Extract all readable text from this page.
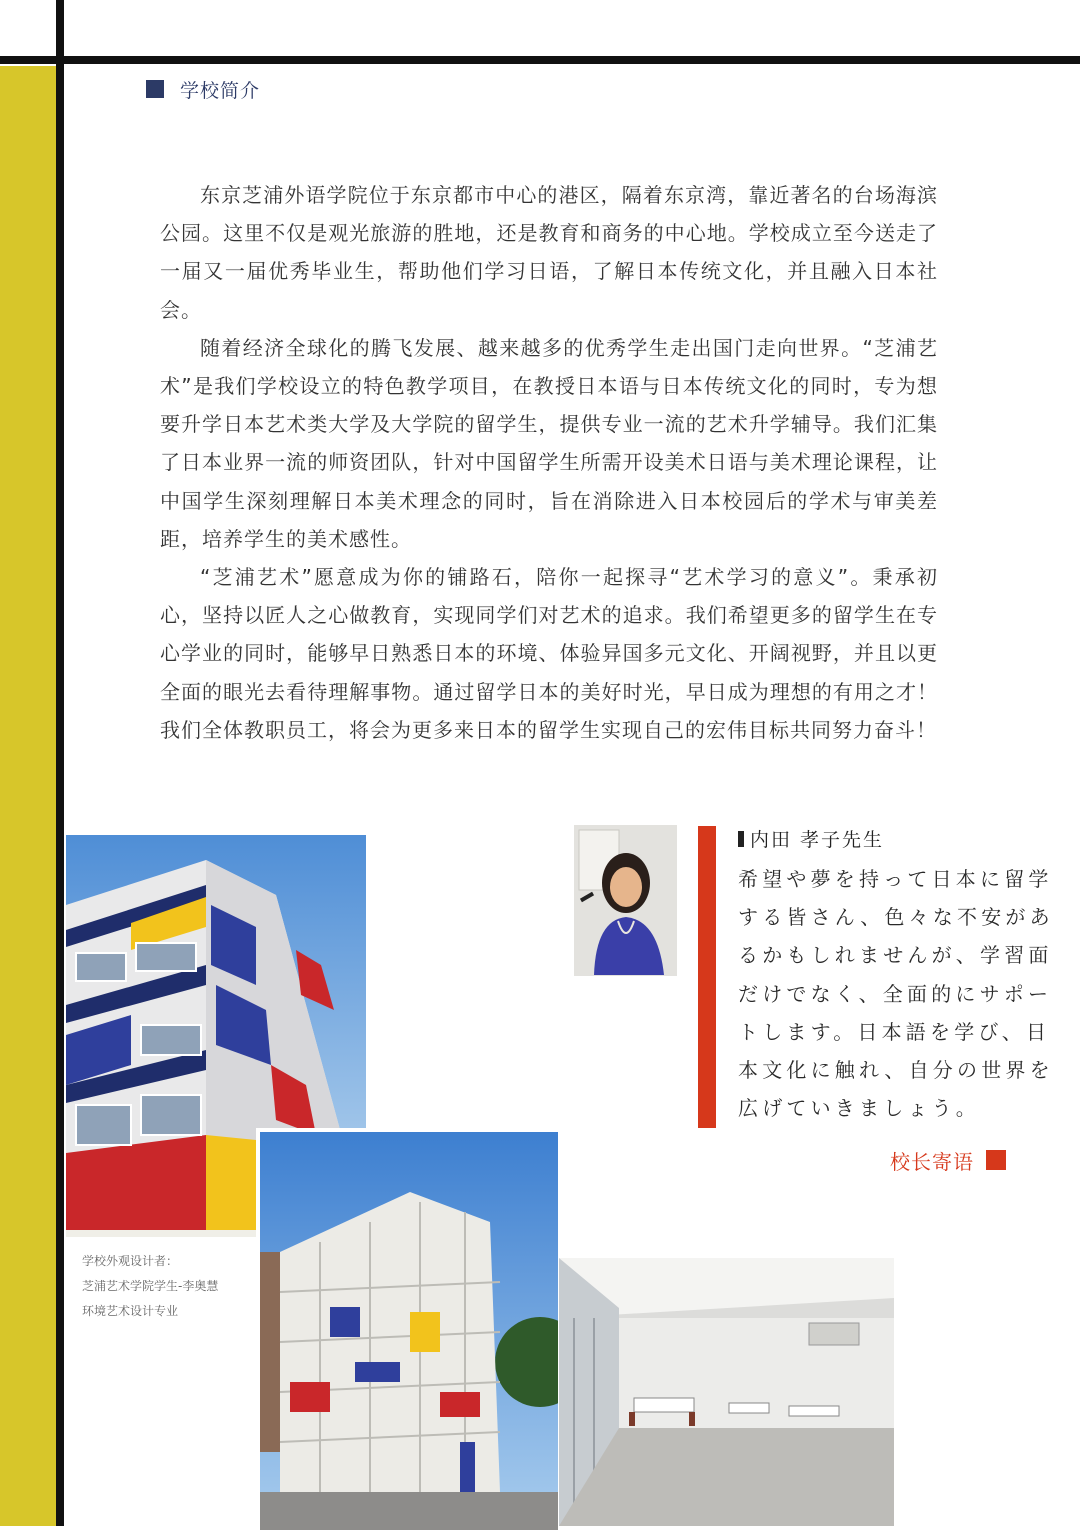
学校简介

东京芝浦外语学院位于东京都市中心的港区，隔着东京湾，靠近著名的台场海滨公园。这里不仅是观光旅游的胜地，还是教育和商务的中心地。学校成立至今送走了一届又一届优秀毕业生，帮助他们学习日语，了解日本传统文化，并且融入日本社会。

随着经济全球化的腾飞发展、越来越多的优秀学生走出国门走向世界。“芝浦艺术”是我们学校设立的特色教学项目，在教授日本语与日本传统文化的同时，专为想要升学日本艺术类大学及大学院的留学生，提供专业一流的艺术升学辅导。我们汇集了日本业界一流的师资团队，针对中国留学生所需开设美术日语与美术理论课程，让中国学生深刻理解日本美术理念的同时，旨在消除进入日本校园后的学术与审美差距，培养学生的美术感性。

“芝浦艺术”愿意成为你的铺路石，陪你一起探寻“艺术学习的意义”。秉承初心，坚持以匠人之心做教育，实现同学们对艺术的追求。我们希望更多的留学生在专心学业的同时，能够早日熟悉日本的环境、体验异国多元文化、开阔视野，并且以更全面的眼光去看待理解事物。通过留学日本的美好时光，早日成为理想的有用之才！我们全体教职员工，将会为更多来日本的留学生实现自己的宏伟目标共同努力奋斗！

学校外观设计者：
芝浦艺术学院学生-李奥慧
环境艺术设计专业
内田 孝子先生
希望や夢を持って日本に留学
する皆さん、色々な不安があ
るかもしれませんが、学習面
だけでなく、全面的にサポー
トします。日本語を学び、日
本文化に触れ、自分の世界を
広げていきましょう。
校长寄语
